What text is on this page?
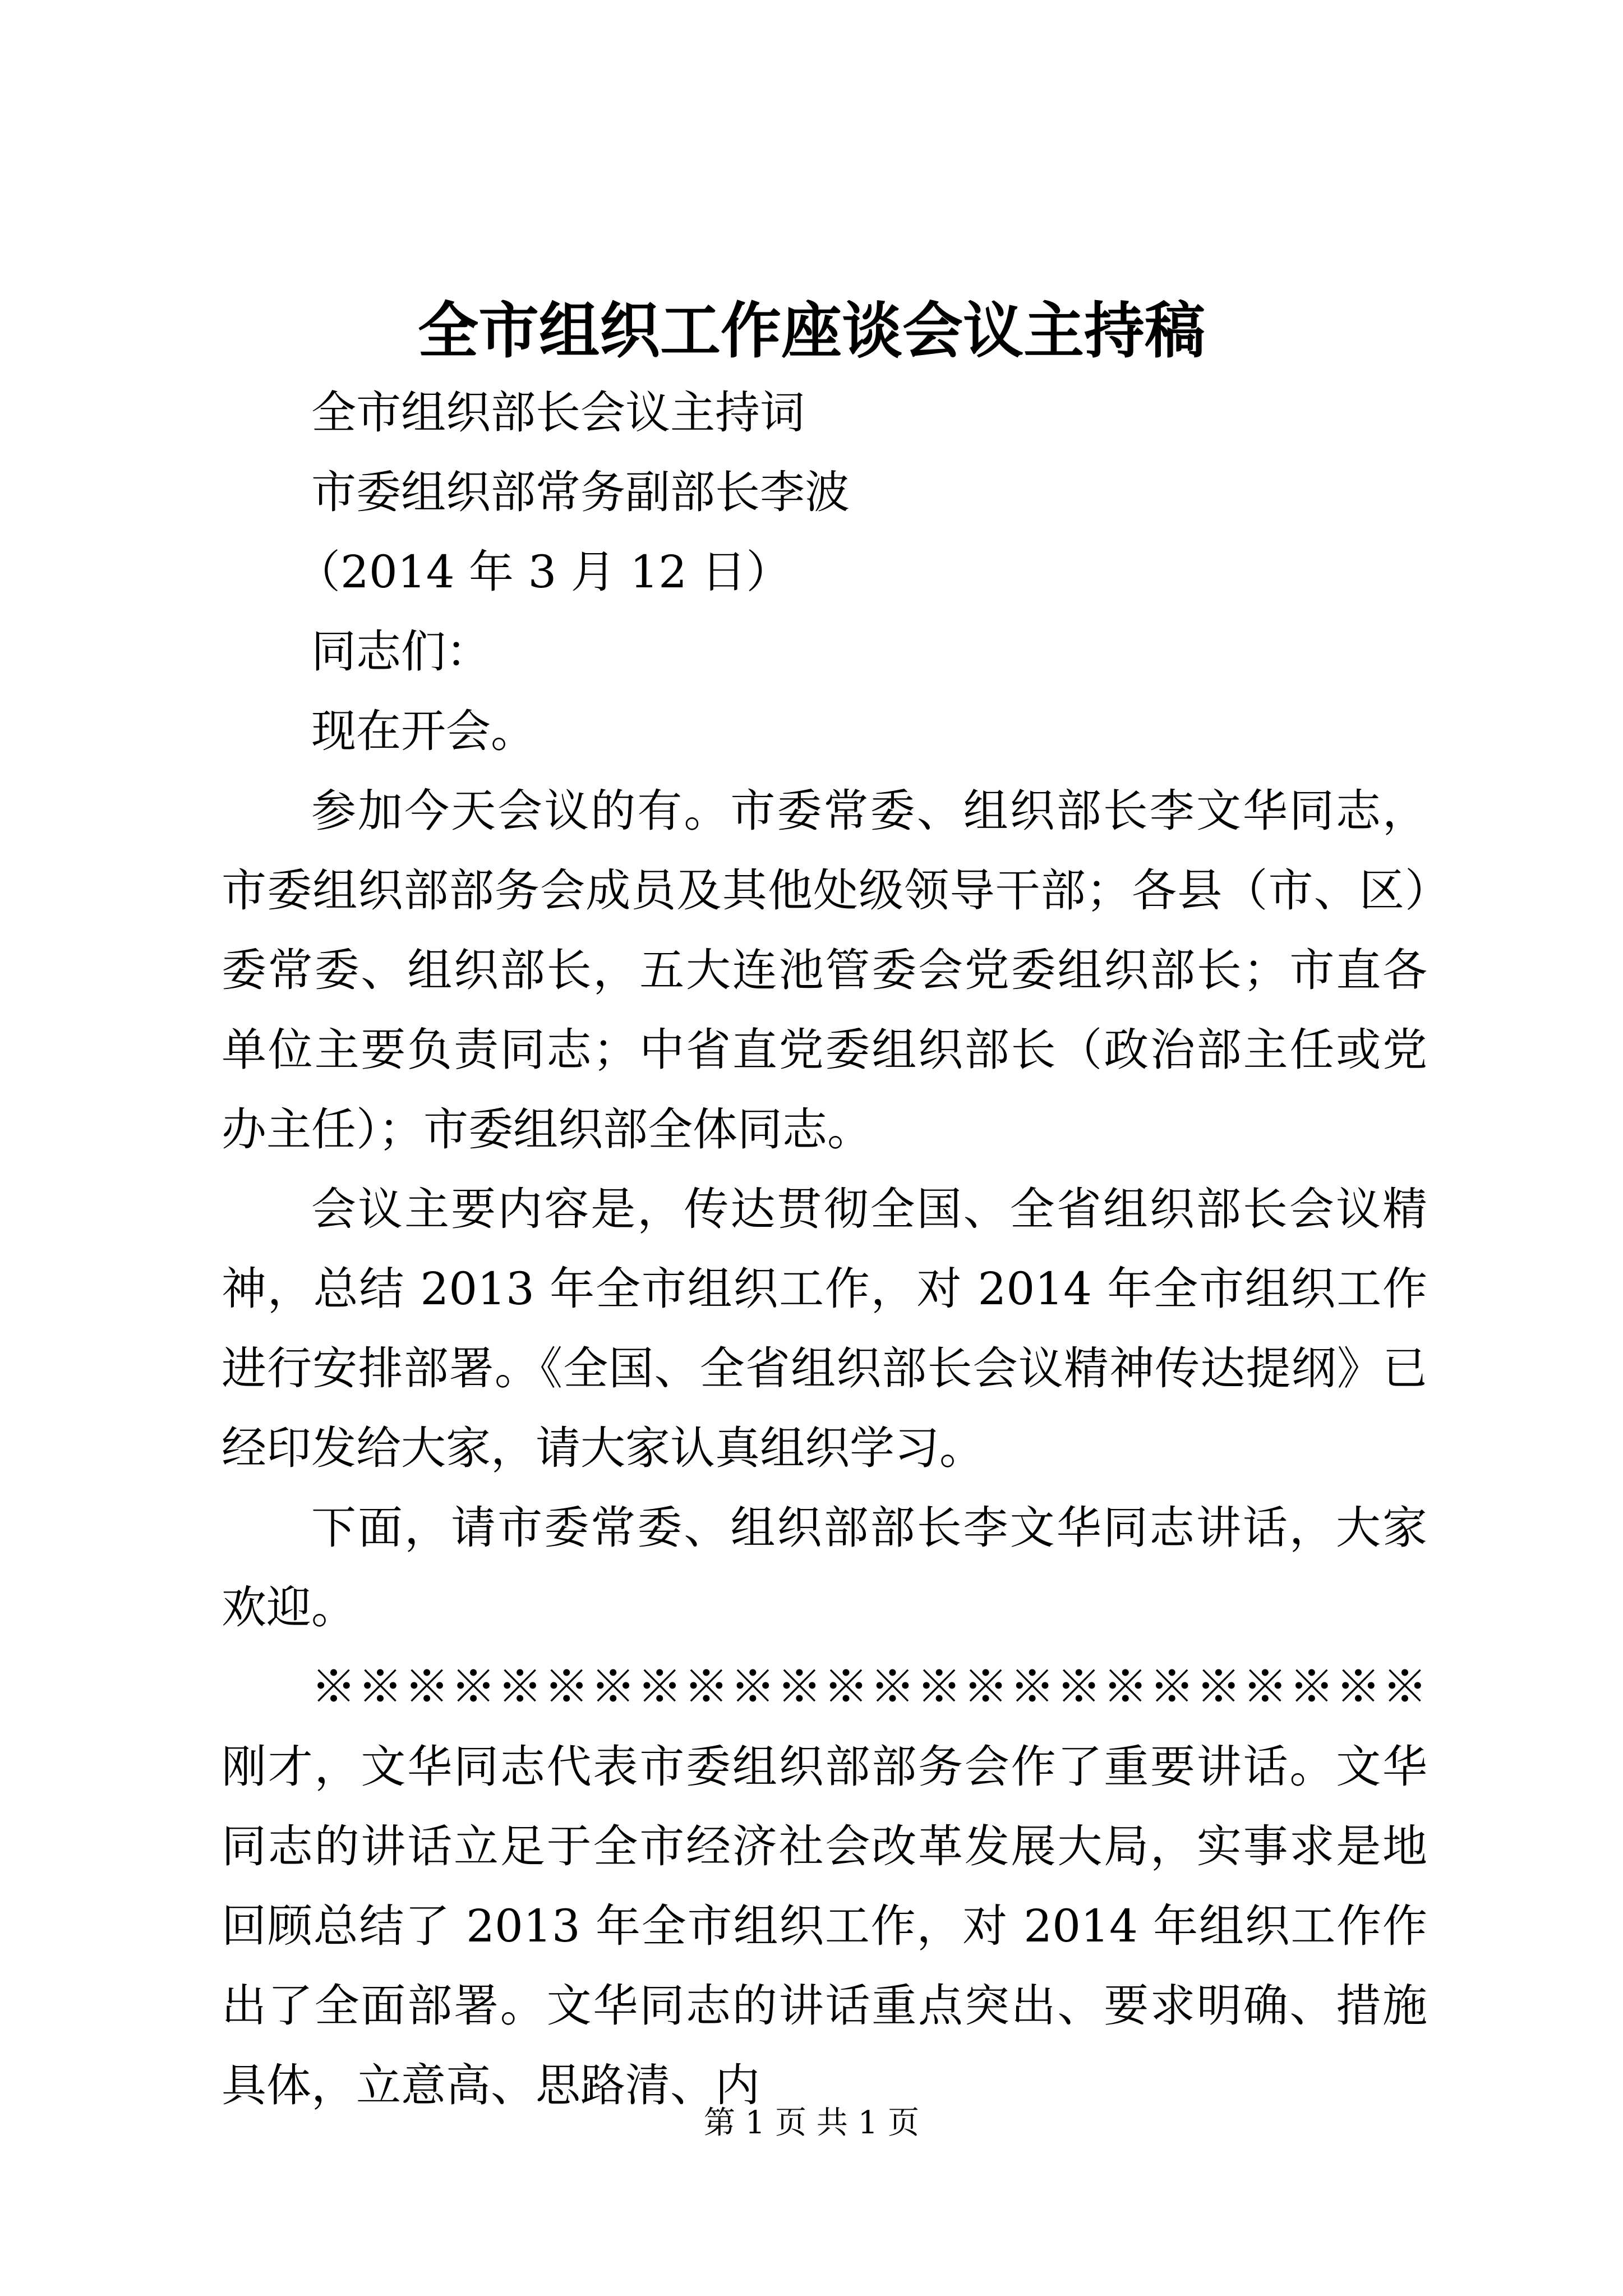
全市组织工作座谈会议主持稿

全市组织部长会议主持词

市委组织部常务副部长李波

（2014 年 3 月 12 日）

同志们：

现在开会。

参加今天会议的有。市委常委、组织部长李文华同志，市委组织部部务会成员及其他处级领导干部；各县（市、区）委常委、组织部长，五大连池管委会党委组织部长；市直各单位主要负责同志；中省直党委组织部长（政治部主任或党办主任）；市委组织部全体同志。

会议主要内容是，传达贯彻全国、全省组织部长会议精神，总结 2013 年全市组织工作，对 2014 年全市组织工作进行安排部署。《全国、全省组织部长会议精神传达提纲》已经印发给大家，请大家认真组织学习。

下面，请市委常委、组织部部长李文华同志讲话，大家欢迎。

※※※※※※※※※※※※※※※※※※※※※※※※刚才，文华同志代表市委组织部部务会作了重要讲话。文华同志的讲话立足于全市经济社会改革发展大局，实事求是地回顾总结了 2013 年全市组织工作，对 2014 年组织工作作出了全面部署。文华同志的讲话重点突出、要求明确、措施具体，立意高、思路清、内

第 1 页 共 1 页
